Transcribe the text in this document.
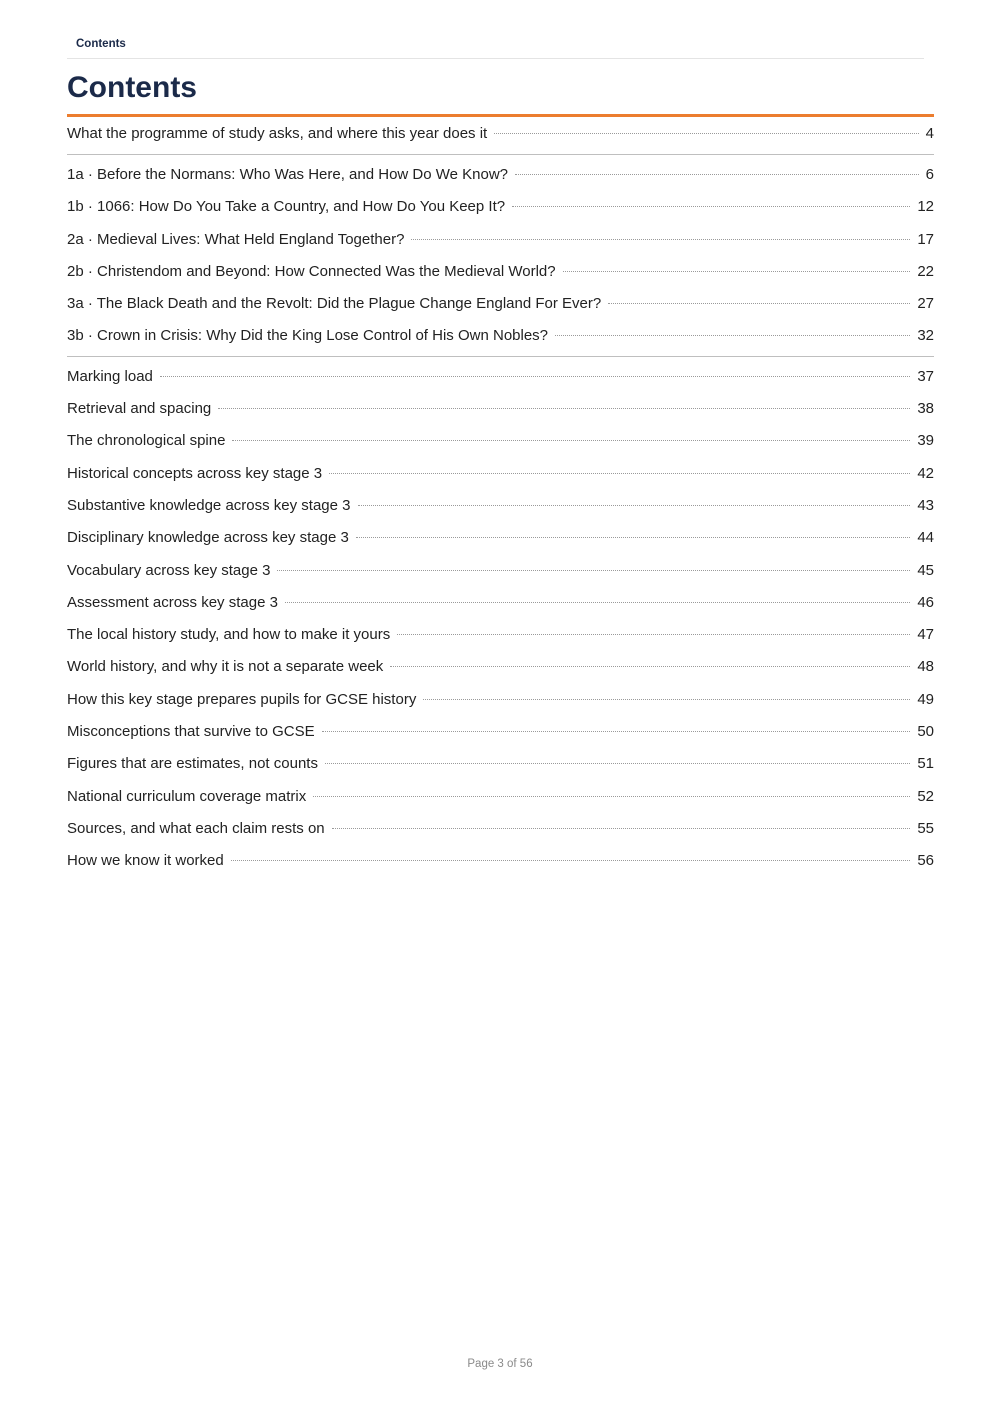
Contents
Contents
What the programme of study asks, and where this year does it	4
1a · Before the Normans: Who Was Here, and How Do We Know?	6
1b · 1066: How Do You Take a Country, and How Do You Keep It?	12
2a · Medieval Lives: What Held England Together?	17
2b · Christendom and Beyond: How Connected Was the Medieval World?	22
3a · The Black Death and the Revolt: Did the Plague Change England For Ever?	27
3b · Crown in Crisis: Why Did the King Lose Control of His Own Nobles?	32
Marking load	37
Retrieval and spacing	38
The chronological spine	39
Historical concepts across key stage 3	42
Substantive knowledge across key stage 3	43
Disciplinary knowledge across key stage 3	44
Vocabulary across key stage 3	45
Assessment across key stage 3	46
The local history study, and how to make it yours	47
World history, and why it is not a separate week	48
How this key stage prepares pupils for GCSE history	49
Misconceptions that survive to GCSE	50
Figures that are estimates, not counts	51
National curriculum coverage matrix	52
Sources, and what each claim rests on	55
How we know it worked	56
Page 3 of 56
